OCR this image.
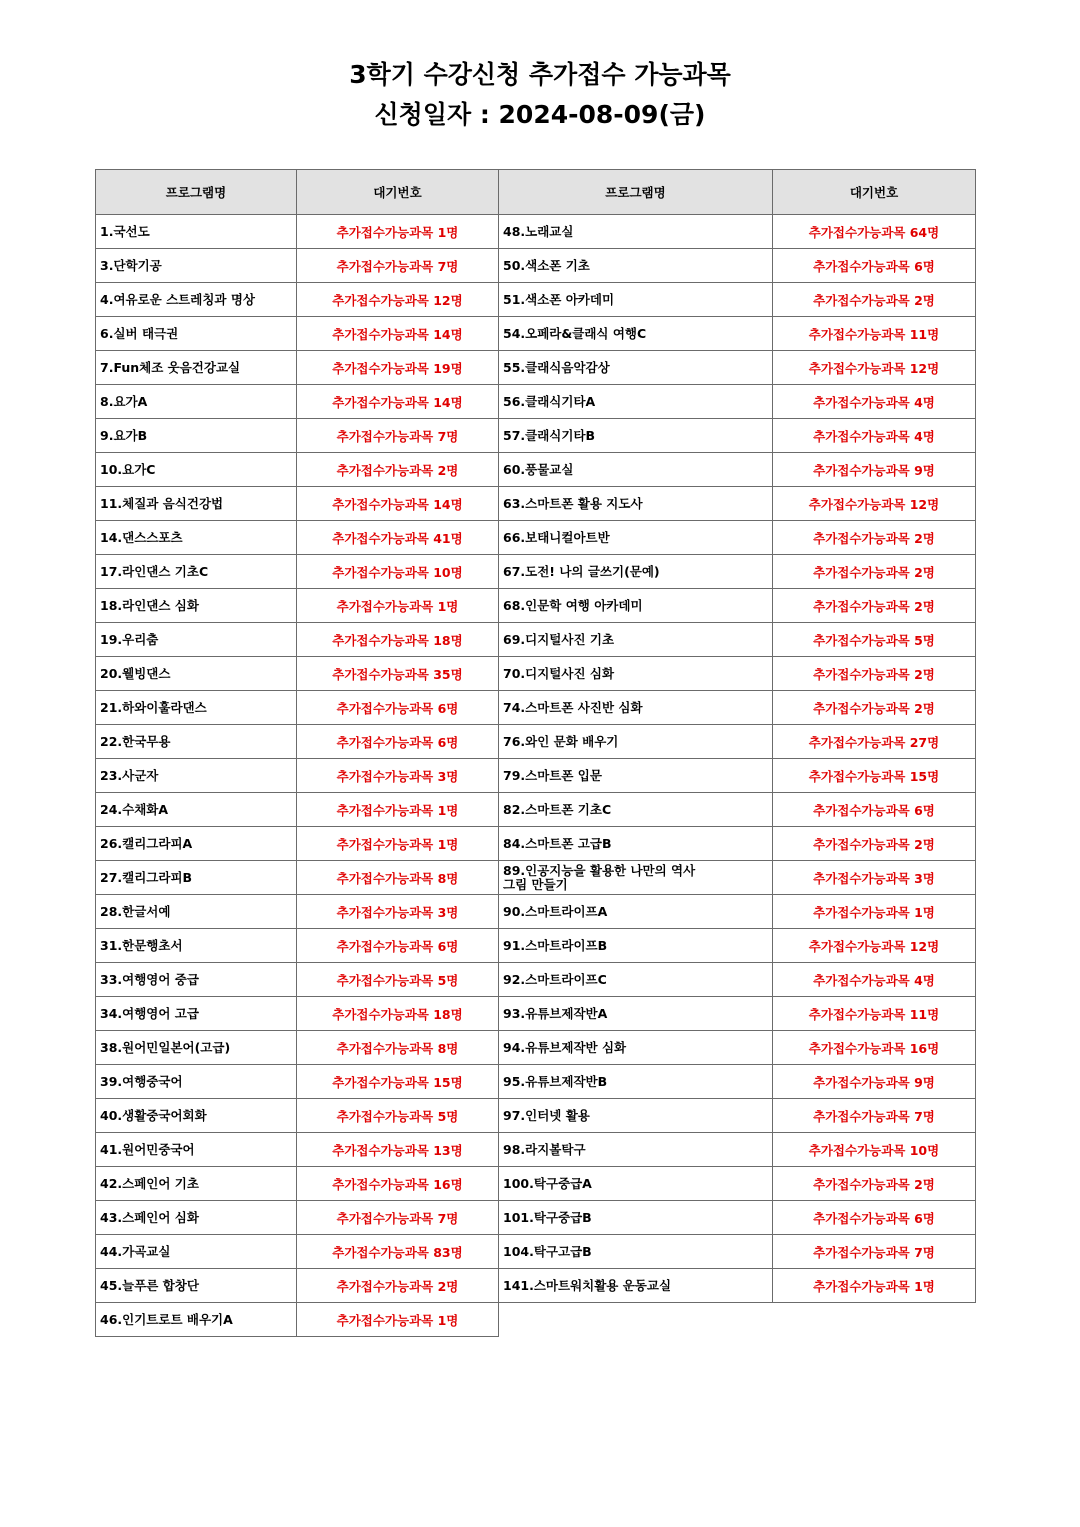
3학기 수강신청 추가접수 가능과목
신청일자 : 2024-08-09(금)
프로그램명	대기번호	프로그램명	대기번호
1.국선도	추가접수가능과목 1명	48.노래교실	추가접수가능과목 64명
3.단학기공	추가접수가능과목 7명	50.색소폰 기초	추가접수가능과목 6명
4.여유로운 스트레칭과 명상	추가접수가능과목 12명	51.색소폰 아카데미	추가접수가능과목 2명
6.실버 태극권	추가접수가능과목 14명	54.오페라&클래식 여행C	추가접수가능과목 11명
7.Fun체조 웃음건강교실	추가접수가능과목 19명	55.클래식음악감상	추가접수가능과목 12명
8.요가A	추가접수가능과목 14명	56.클래식기타A	추가접수가능과목 4명
9.요가B	추가접수가능과목 7명	57.클래식기타B	추가접수가능과목 4명
10.요가C	추가접수가능과목 2명	60.풍물교실	추가접수가능과목 9명
11.체질과 음식건강법	추가접수가능과목 14명	63.스마트폰 활용 지도사	추가접수가능과목 12명
14.댄스스포츠	추가접수가능과목 41명	66.보태니컬아트반	추가접수가능과목 2명
17.라인댄스 기초C	추가접수가능과목 10명	67.도전! 나의 글쓰기(문예)	추가접수가능과목 2명
18.라인댄스 심화	추가접수가능과목 1명	68.인문학 여행 아카데미	추가접수가능과목 2명
19.우리춤	추가접수가능과목 18명	69.디지털사진 기초	추가접수가능과목 5명
20.웰빙댄스	추가접수가능과목 35명	70.디지털사진 심화	추가접수가능과목 2명
21.하와이훌라댄스	추가접수가능과목 6명	74.스마트폰 사진반 심화	추가접수가능과목 2명
22.한국무용	추가접수가능과목 6명	76.와인 문화 배우기	추가접수가능과목 27명
23.사군자	추가접수가능과목 3명	79.스마트폰 입문	추가접수가능과목 15명
24.수채화A	추가접수가능과목 1명	82.스마트폰 기초C	추가접수가능과목 6명
26.캘리그라피A	추가접수가능과목 1명	84.스마트폰 고급B	추가접수가능과목 2명
27.캘리그라피B	추가접수가능과목 8명	89.인공지능을 활용한 나만의 역사
그림 만들기	추가접수가능과목 3명
28.한글서예	추가접수가능과목 3명	90.스마트라이프A	추가접수가능과목 1명
31.한문행초서	추가접수가능과목 6명	91.스마트라이프B	추가접수가능과목 12명
33.여행영어 중급	추가접수가능과목 5명	92.스마트라이프C	추가접수가능과목 4명
34.여행영어 고급	추가접수가능과목 18명	93.유튜브제작반A	추가접수가능과목 11명
38.원어민일본어(고급)	추가접수가능과목 8명	94.유튜브제작반 심화	추가접수가능과목 16명
39.여행중국어	추가접수가능과목 15명	95.유튜브제작반B	추가접수가능과목 9명
40.생활중국어회화	추가접수가능과목 5명	97.인터넷 활용	추가접수가능과목 7명
41.원어민중국어	추가접수가능과목 13명	98.라지볼탁구	추가접수가능과목 10명
42.스페인어 기초	추가접수가능과목 16명	100.탁구중급A	추가접수가능과목 2명
43.스페인어 심화	추가접수가능과목 7명	101.탁구중급B	추가접수가능과목 6명
44.가곡교실	추가접수가능과목 83명	104.탁구고급B	추가접수가능과목 7명
45.늘푸른 합창단	추가접수가능과목 2명	141.스마트워치활용 운동교실	추가접수가능과목 1명
46.인기트로트 배우기A	추가접수가능과목 1명		
